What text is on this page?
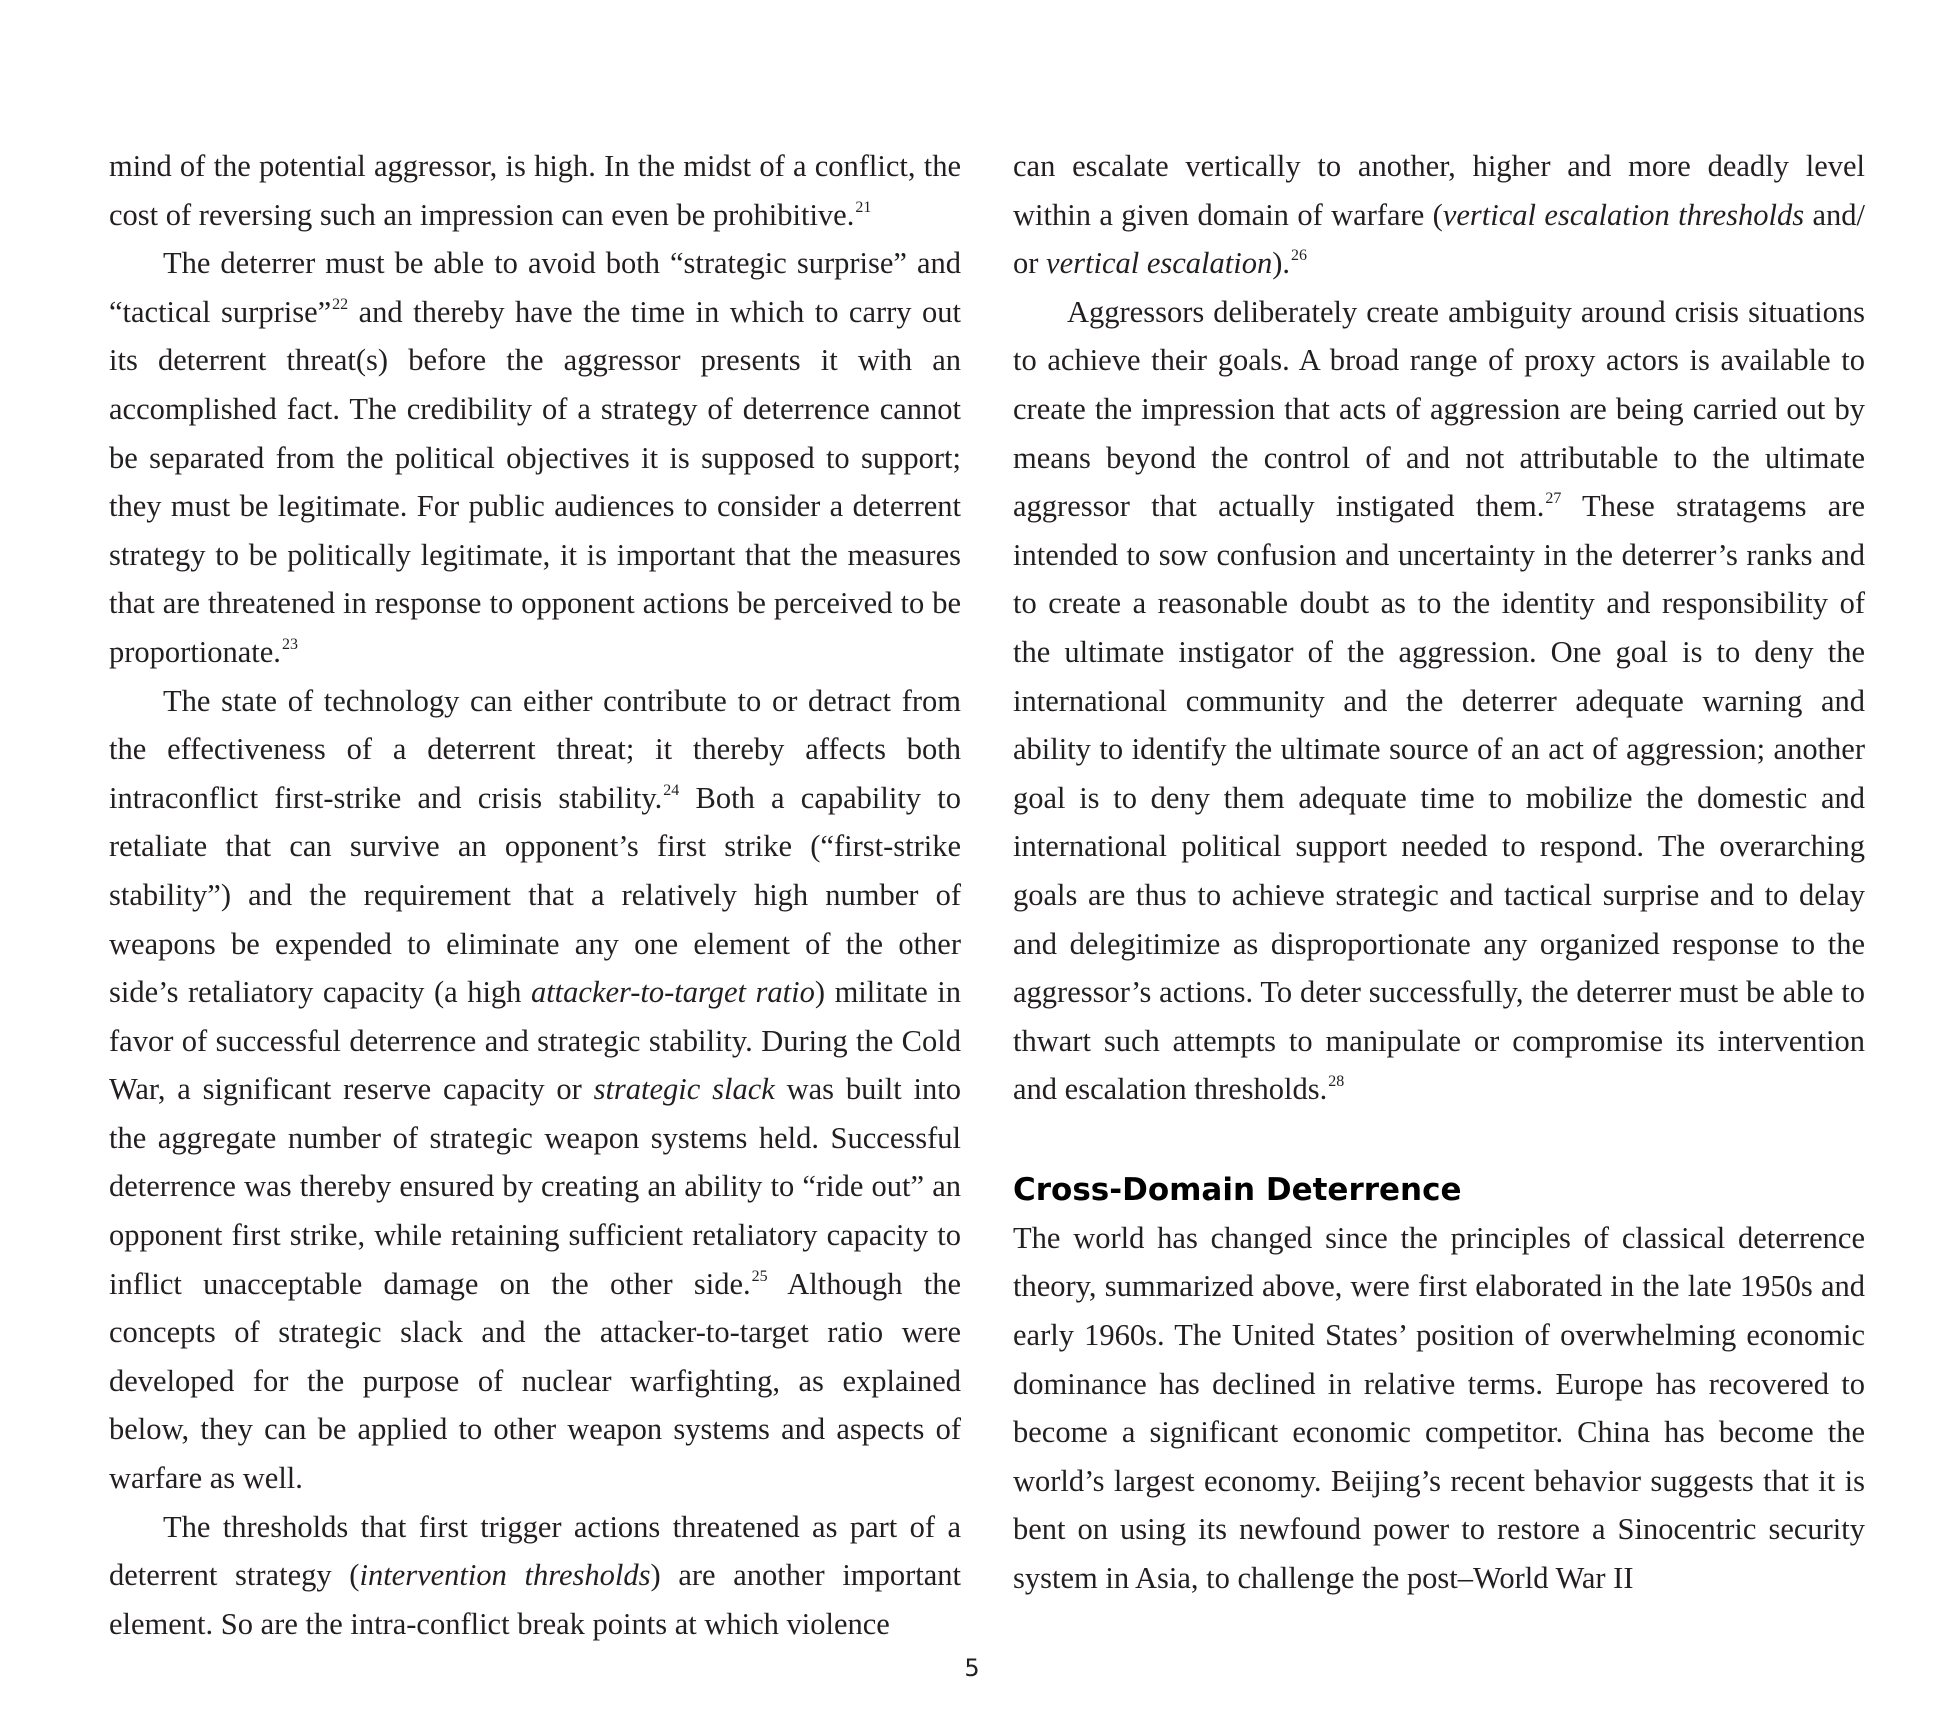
mind of the potential aggressor, is high. In the midst of a conflict, the cost of reversing such an impression can even be prohibitive.$^{21}$

The deterrer must be able to avoid both “strategic surprise” and “tactical surprise”$^{22}$ and thereby have the time in which to carry out its deterrent threat(s) before the aggressor presents it with an accomplished fact. The credibility of a strategy of deterrence cannot be separated from the political objectives it is supposed to support; they must be legitimate. For public audiences to consider a deterrent strategy to be politically legitimate, it is important that the measures that are threatened in response to opponent actions be perceived to be proportionate.$^{23}$

The state of technology can either contribute to or detract from the effectiveness of a deterrent threat; it thereby affects both intraconflict first-strike and crisis stability.$^{24}$ Both a capability to retaliate that can survive an opponent’s first strike (“first-strike stability”) and the requirement that a relatively high number of weapons be expended to eliminate any one element of the other side’s retaliatory capacity (a high attacker-to-target ratio) militate in favor of successful deterrence and strategic stability. During the Cold War, a significant reserve capacity or strategic slack was built into the aggregate number of strategic weapon systems held. Successful deterrence was thereby ensured by creating an ability to “ride out” an opponent first strike, while retaining sufficient retaliatory capacity to inflict unacceptable damage on the other side.$^{25}$ Although the concepts of strategic slack and the attacker-to-target ratio were developed for the purpose of nuclear warfighting, as explained below, they can be applied to other weapon systems and aspects of warfare as well.

The thresholds that first trigger actions threatened as part of a deterrent strategy (intervention thresholds) are another important element. So are the intra-conflict break points at which violence

can escalate vertically to another, higher and more deadly level within a given domain of warfare (vertical escalation thresholds and/ or vertical escalation).$^{26}$

Aggressors deliberately create ambiguity around crisis situations to achieve their goals. A broad range of proxy actors is available to create the impression that acts of aggression are being carried out by means beyond the control of and not attributable to the ultimate aggressor that actually instigated them.$^{27}$ These stratagems are intended to sow confusion and uncertainty in the deterrer’s ranks and to create a reasonable doubt as to the identity and responsibility of the ultimate instigator of the aggression. One goal is to deny the international community and the deterrer adequate warning and ability to identify the ultimate source of an act of aggression; another goal is to deny them adequate time to mobilize the domestic and international political support needed to respond. The overarching goals are thus to achieve strategic and tactical surprise and to delay and delegitimize as disproportionate any organized response to the aggressor’s actions. To deter successfully, the deterrer must be able to thwart such attempts to manipulate or compromise its intervention and escalation thresholds.$^{28}$

Cross-Domain Deterrence

The world has changed since the principles of classical deterrence theory, summarized above, were first elaborated in the late 1950s and early 1960s. The United States’ position of overwhelming economic dominance has declined in relative terms. Europe has recovered to become a significant economic competitor. China has become the world’s largest economy. Beijing’s recent behavior suggests that it is bent on using its newfound power to restore a Sinocentric security system in Asia, to challenge the post–World War II

5
